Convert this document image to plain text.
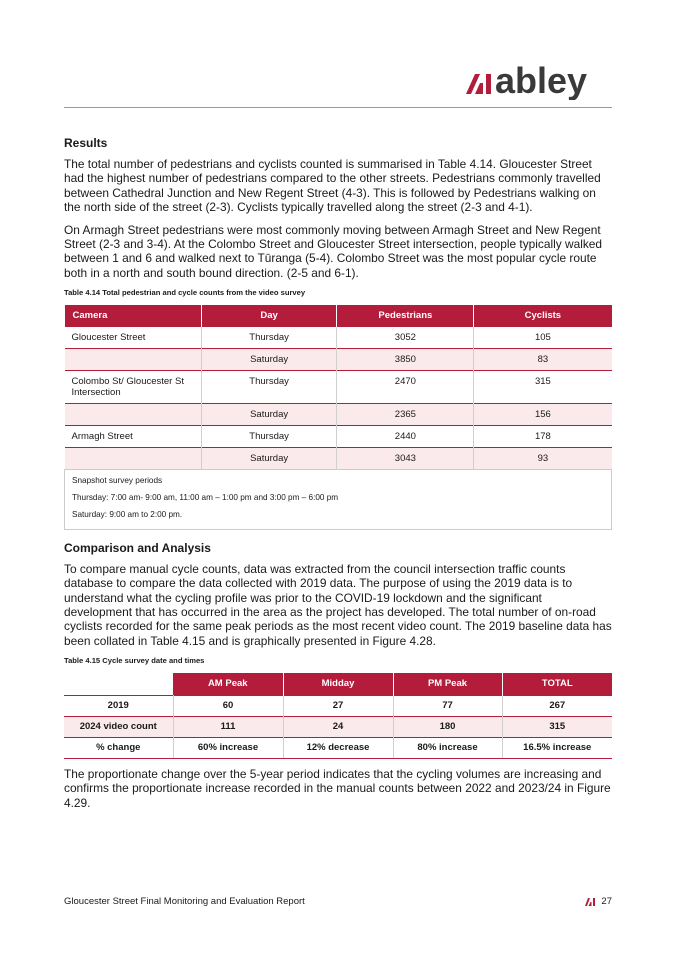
abley
Results

The total number of pedestrians and cyclists counted is summarised in Table 4.14. Gloucester Street had the highest number of pedestrians compared to the other streets. Pedestrians commonly travelled between Cathedral Junction and New Regent Street (4-3). This is followed by Pedestrians walking on the north side of the street (2-3). Cyclists typically travelled along the street (2-3 and 4-1).

On Armagh Street pedestrians were most commonly moving between Armagh Street and New Regent Street (2-3 and 3-4). At the Colombo Street and Gloucester Street intersection, people typically walked between 1 and 6 and walked next to Tūranga (5-4). Colombo Street was the most popular cycle route both in a north and south bound direction. (2-5 and 6-1).

Table 4.14 Total pedestrian and cycle counts from the video survey
Camera	Day	Pedestrians	Cyclists
Gloucester Street	Thursday	3052	105
	Saturday	3850	83
Colombo St/ Gloucester St Intersection	Thursday	2470	315
	Saturday	2365	156
Armagh Street	Thursday	2440	178
	Saturday	3043	93

Snapshot survey periods
Thursday: 7:00 am- 9:00 am, 11:00 am – 1:00 pm and 3:00 pm – 6:00 pm
Saturday: 9:00 am to 2:00 pm.			
Comparison and Analysis

To compare manual cycle counts, data was extracted from the council intersection traffic counts database to compare the data collected with 2019 data. The purpose of using the 2019 data is to understand what the cycling profile was prior to the COVID-19 lockdown and the significant development that has occurred in the area as the project has developed. The total number of on-road cyclists recorded for the same peak periods as the most recent video count. The 2019 baseline data has been collated in Table 4.15 and is graphically presented in Figure 4.28.

Table 4.15 Cycle survey date and times
	AM Peak	Midday	PM Peak	TOTAL
2019	60	27	77	267
2024 video count	111	24	180	315
% change	60% increase	12% decrease	80% increase	16.5% increase

The proportionate change over the 5-year period indicates that the cycling volumes are increasing and confirms the proportionate increase recorded in the manual counts between 2022 and 2023/24 in Figure 4.29.

Gloucester Street Final Monitoring and Evaluation Report	27
